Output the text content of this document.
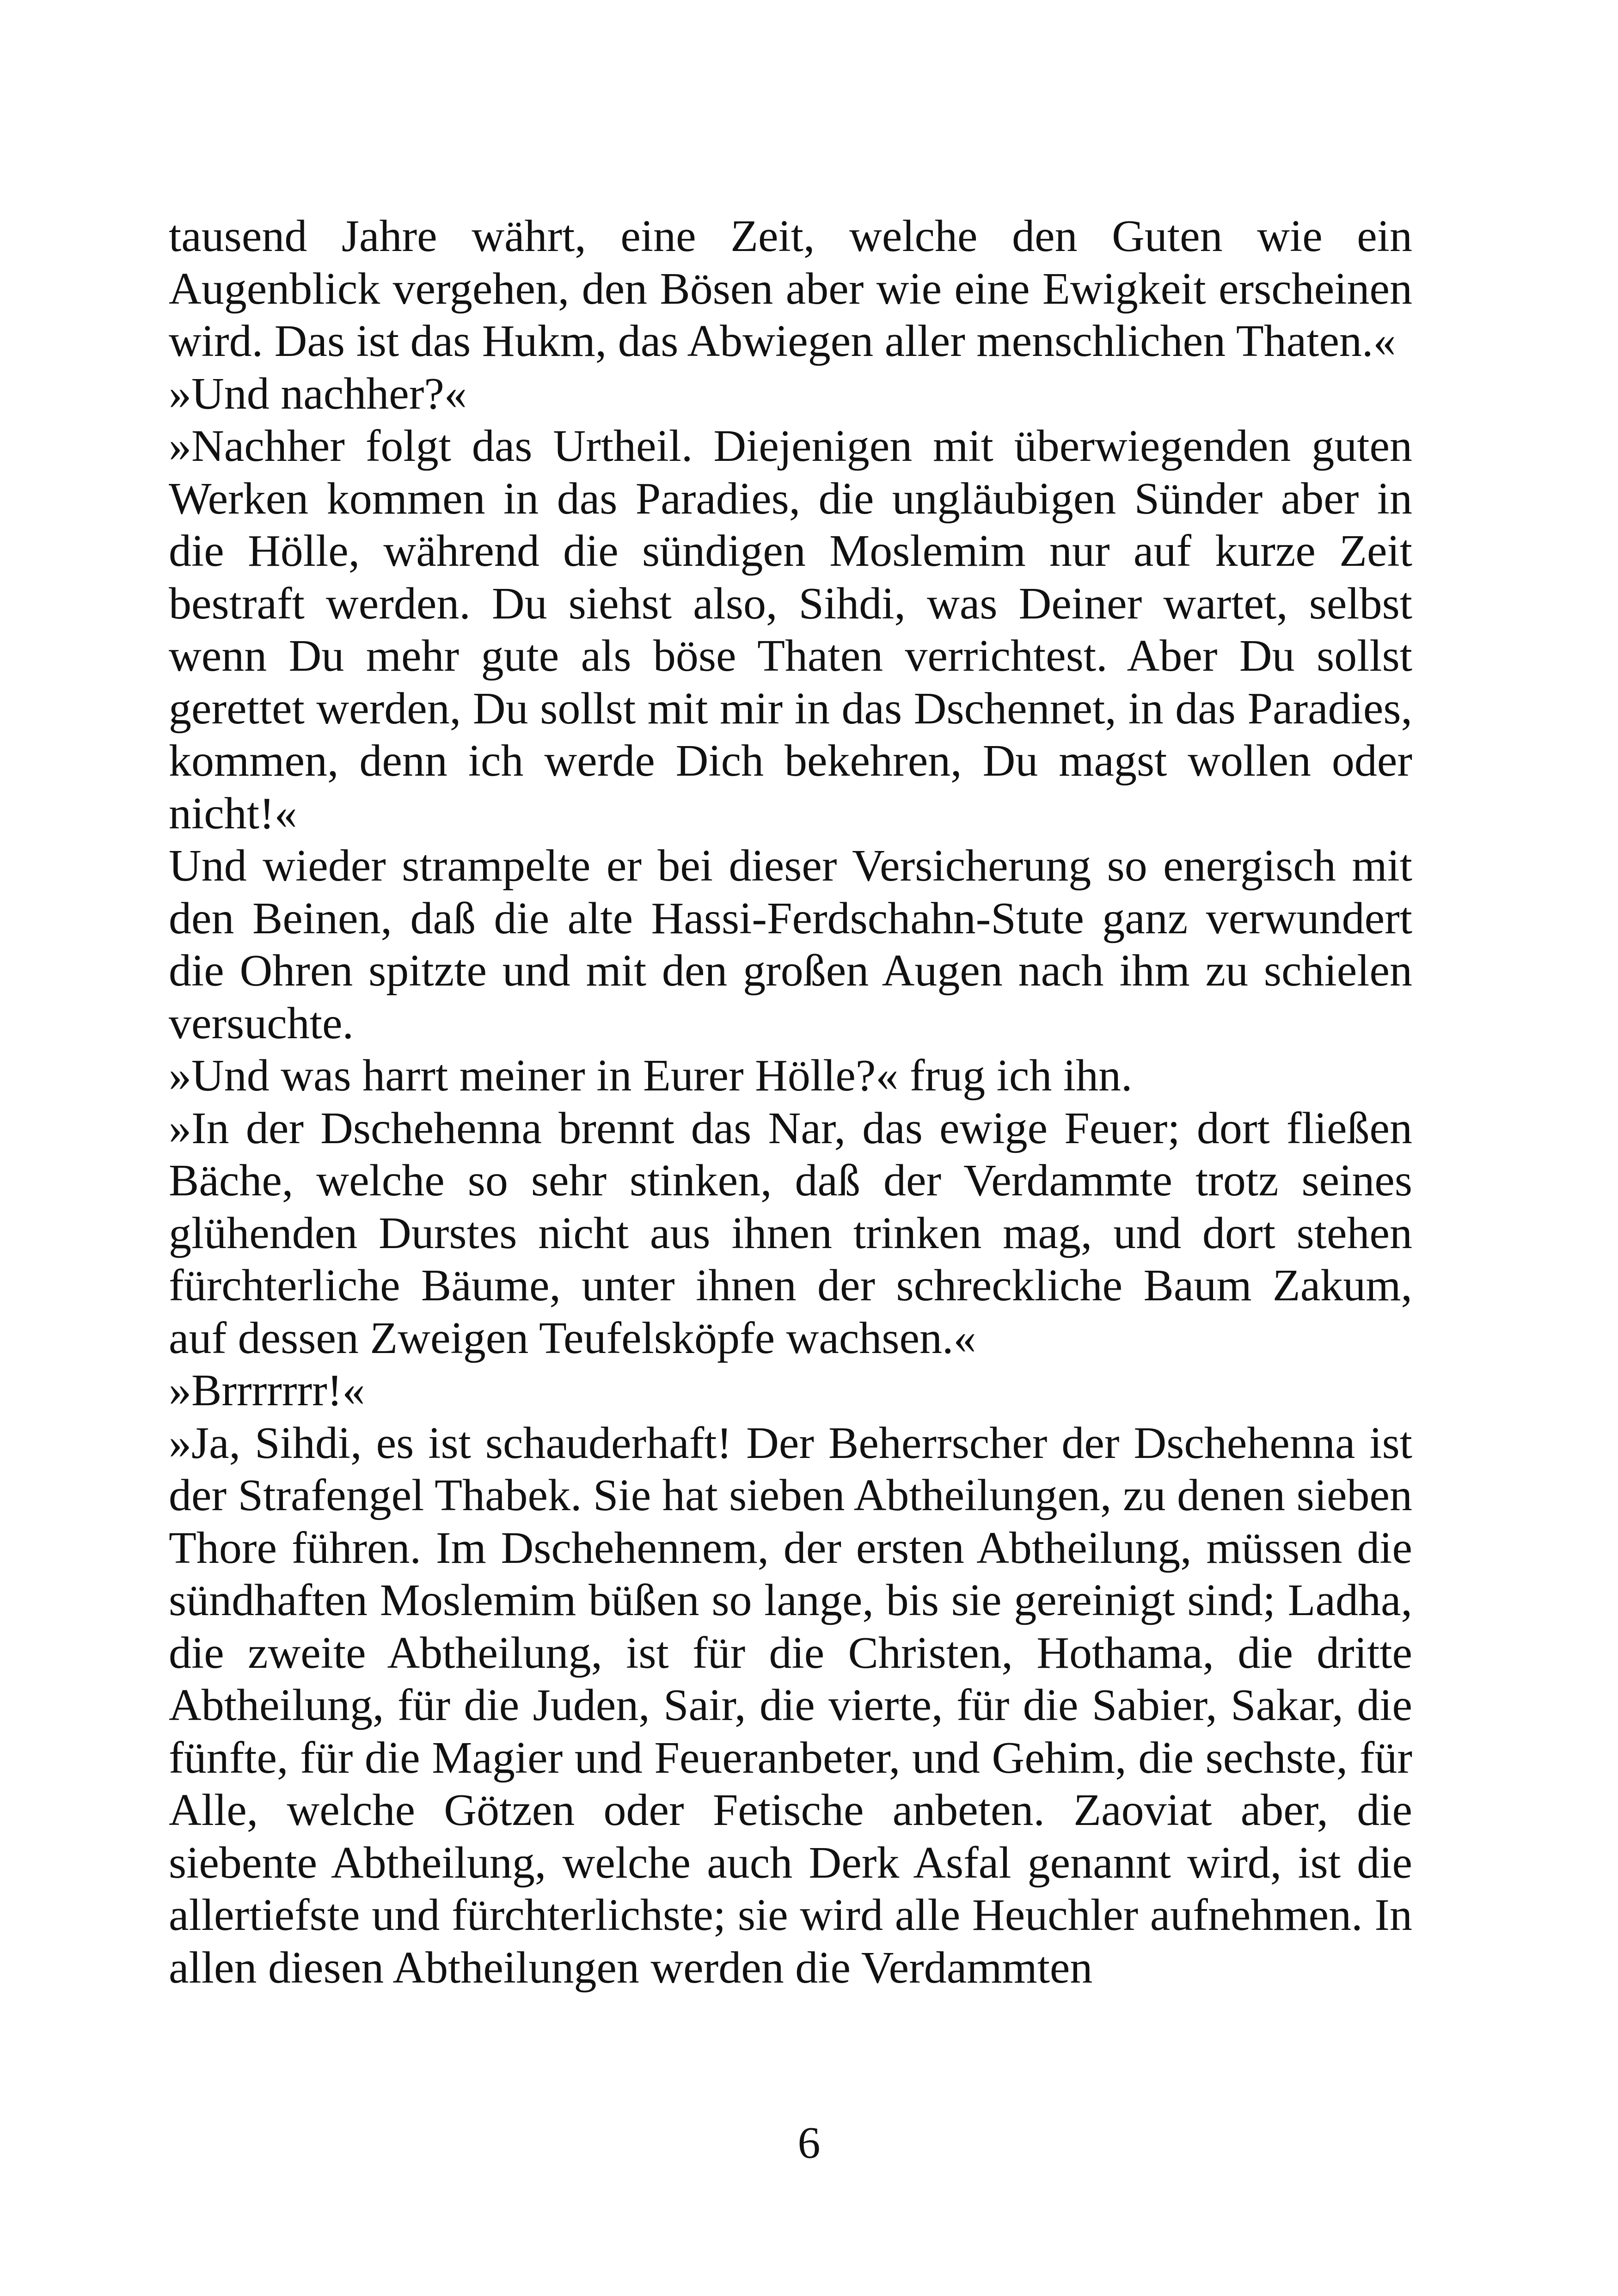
tausend Jahre währt, eine Zeit, welche den Guten wie ein Augenblick vergehen, den Bösen aber wie eine Ewigkeit erscheinen wird. Das ist das Hukm, das Abwiegen aller menschlichen Thaten.«

»Und nachher?«

»Nachher folgt das Urtheil. Diejenigen mit überwiegenden guten Werken kommen in das Paradies, die ungläubigen Sünder aber in die Hölle, während die sündigen Moslemim nur auf kurze Zeit bestraft werden. Du siehst also, Sihdi, was Deiner wartet, selbst wenn Du mehr gute als böse Thaten verrichtest. Aber Du sollst gerettet werden, Du sollst mit mir in das Dschennet, in das Paradies, kommen, denn ich werde Dich bekehren, Du magst wollen oder nicht!«

Und wieder strampelte er bei dieser Versicherung so energisch mit den Beinen, daß die alte Hassi-Ferdschahn-Stute ganz verwundert die Ohren spitzte und mit den großen Augen nach ihm zu schielen versuchte.

»Und was harrt meiner in Eurer Hölle?« frug ich ihn.

»In der Dschehenna brennt das Nar, das ewige Feuer; dort fließen Bäche, welche so sehr stinken, daß der Verdammte trotz seines glühenden Durstes nicht aus ihnen trinken mag, und dort stehen fürchterliche Bäume, unter ihnen der schreckliche Baum Zakum, auf dessen Zweigen Teufelsköpfe wachsen.«

»Brrrrrrr!«

»Ja, Sihdi, es ist schauderhaft! Der Beherrscher der Dschehenna ist der Strafengel Thabek. Sie hat sieben Abtheilungen, zu denen sieben Thore führen. Im Dschehennem, der ersten Abtheilung, müssen die sündhaften Moslemim büßen so lange, bis sie gereinigt sind; Ladha, die zweite Abtheilung, ist für die Christen, Hothama, die dritte Abtheilung, für die Juden, Sair, die vierte, für die Sabier, Sakar, die fünfte, für die Magier und Feueranbeter, und Gehim, die sechste, für Alle, welche Götzen oder Fetische anbeten. Zaoviat aber, die siebente Abtheilung, welche auch Derk Asfal genannt wird, ist die allertiefste und fürchterlichste; sie wird alle Heuchler aufnehmen. In allen diesen Abtheilungen werden die Verdammten

6
